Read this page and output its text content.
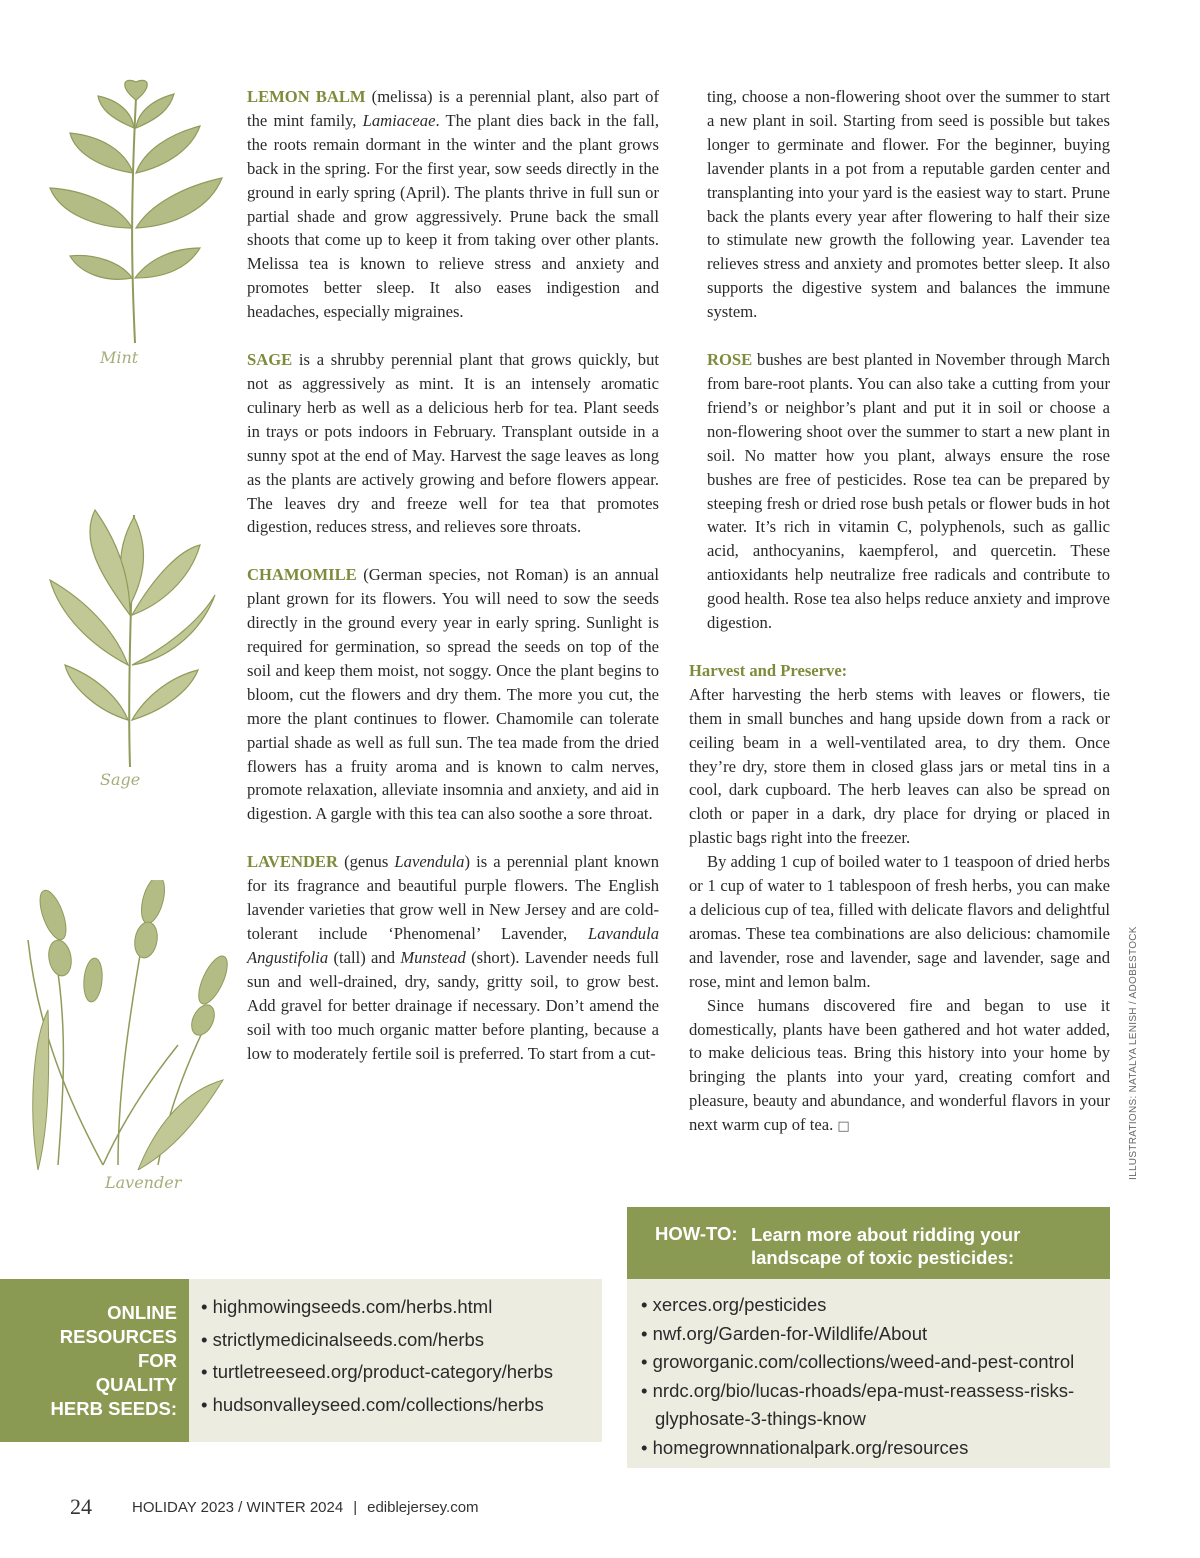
Mint
Sage
Lavender

LEMON BALM (melissa) is a perennial plant, also part of the mint family, Lamiaceae. The plant dies back in the fall, the roots remain dormant in the winter and the plant grows back in the spring. For the first year, sow seeds directly in the ground in early spring (April). The plants thrive in full sun or partial shade and grow aggressively. Prune back the small shoots that come up to keep it from taking over other plants. Melissa tea is known to relieve stress and anxiety and promotes better sleep. It also eases indigestion and headaches, especially migraines.

SAGE is a shrubby perennial plant that grows quickly, but not as aggressively as mint. It is an intensely aromatic culinary herb as well as a delicious herb for tea. Plant seeds in trays or pots indoors in February. Transplant outside in a sunny spot at the end of May. Harvest the sage leaves as long as the plants are actively growing and before flowers appear. The leaves dry and freeze well for tea that promotes digestion, reduces stress, and relieves sore throats.

CHAMOMILE (German species, not Roman) is an annual plant grown for its flowers. You will need to sow the seeds directly in the ground every year in early spring. Sunlight is required for germination, so spread the seeds on top of the soil and keep them moist, not soggy. Once the plant begins to bloom, cut the flowers and dry them. The more you cut, the more the plant continues to flower. Chamomile can tolerate partial shade as well as full sun. The tea made from the dried flowers has a fruity aroma and is known to calm nerves, promote relaxation, alleviate insomnia and anxiety, and aid in digestion. A gargle with this tea can also soothe a sore throat.

LAVENDER (genus Lavendula) is a perennial plant known for its fragrance and beautiful purple flowers. The English lavender varieties that grow well in New Jersey and are cold-tolerant include ‘Phenomenal’ Lavender, Lavandula Angustifolia (tall) and Munstead (short). Lavender needs full sun and well-drained, dry, sandy, gritty soil, to grow best. Add gravel for better drainage if necessary. Don’t amend the soil with too much organic matter before planting, because a low to moderately fertile soil is preferred. To start from a cut-

ting, choose a non-flowering shoot over the summer to start a new plant in soil. Starting from seed is possible but takes longer to germinate and flower. For the beginner, buying lavender plants in a pot from a reputable garden center and transplanting into your yard is the easiest way to start. Prune back the plants every year after flowering to half their size to stimulate new growth the following year. Lavender tea relieves stress and anxiety and promotes better sleep. It also supports the digestive system and balances the immune system.

ROSE bushes are best planted in November through March from bare-root plants. You can also take a cutting from your friend’s or neighbor’s plant and put it in soil or choose a non-flowering shoot over the summer to start a new plant in soil. No matter how you plant, always ensure the rose bushes are free of pesticides. Rose tea can be prepared by steeping fresh or dried rose bush petals or flower buds in hot water. It’s rich in vitamin C, polyphenols, such as gallic acid, anthocyanins, kaempferol, and quercetin. These antioxidants help neutralize free radicals and contribute to good health. Rose tea also helps reduce anxiety and improve digestion.

Harvest and Preserve:

After harvesting the herb stems with leaves or flowers, tie them in small bunches and hang upside down from a rack or ceiling beam in a well-ventilated area, to dry them. Once they’re dry, store them in closed glass jars or metal tins in a cool, dark cupboard. The herb leaves can also be spread on cloth or paper in a dark, dry place for drying or placed in plastic bags right into the freezer.

By adding 1 cup of boiled water to 1 teaspoon of dried herbs or 1 cup of water to 1 tablespoon of fresh herbs, you can make a delicious cup of tea, filled with delicate flavors and delightful aromas. These tea combinations are also delicious: chamomile and lavender, rose and lavender, sage and lavender, sage and rose, mint and lemon balm.

Since humans discovered fire and began to use it domestically, plants have been gathered and hot water added, to make delicious teas. Bring this history into your home by bringing the plants into your yard, creating comfort and pleasure, beauty and abundance, and wonderful flavors in your next warm cup of tea. □	ILLUSTRATIONS: NATALYA LENISH / ADOBESTOCK
HOW-TO: Learn more about ridding your landscape of toxic pesticides:
• xerces.org/pesticides
• nwf.org/Garden-for-Wildlife/About
• groworganic.com/collections/weed-and-pest-control
• nrdc.org/bio/lucas-rhoads/epa-must-reassess-risks-glyphosate-3-things-know
• homegrownnationalpark.org/resources
ONLINE
RESOURCES
FOR
QUALITY
HERB SEEDS:
• highmowingseeds.com/herbs.html
• strictlymedicinalseeds.com/herbs
• turtletreeseed.org/product-category/herbs
• hudsonvalleyseed.com/collections/herbs
24	HOLIDAY 2023 / WINTER 2024 | ediblejersey.com
